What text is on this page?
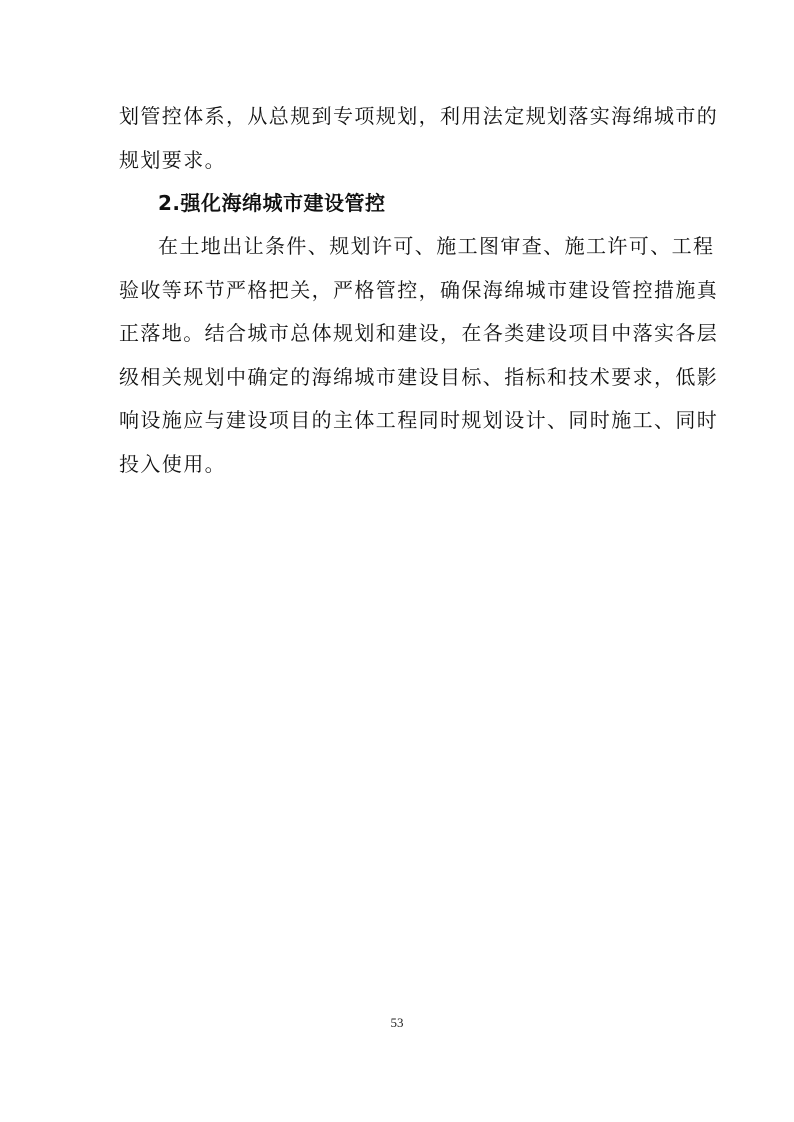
划管控体系，从总规到专项规划，利用法定规划落实海绵城市的
规划要求。
2.强化海绵城市建设管控
在土地出让条件、规划许可、施工图审查、施工许可、工程
验收等环节严格把关，严格管控，确保海绵城市建设管控措施真
正落地。结合城市总体规划和建设，在各类建设项目中落实各层
级相关规划中确定的海绵城市建设目标、指标和技术要求，低影
响设施应与建设项目的主体工程同时规划设计、同时施工、同时
投入使用。
53
